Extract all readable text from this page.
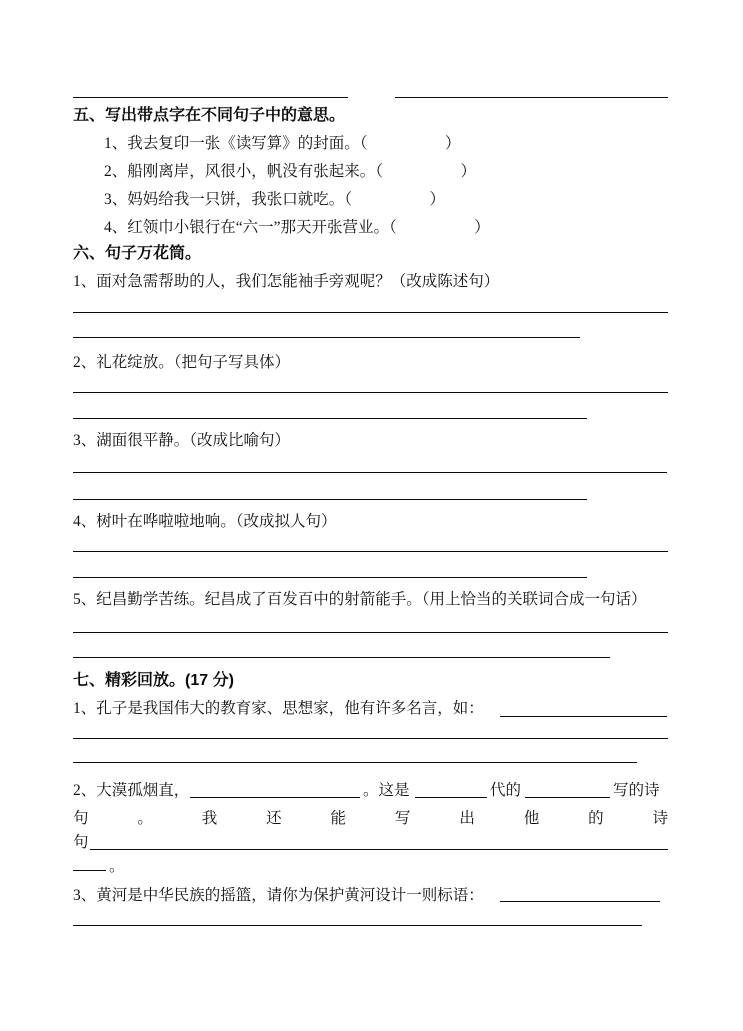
五、写出带点字在不同句子中的意思。
1、我去复印一张《读写算》的封面。（　　　　　）
2、船刚离岸，风很小，帆没有张起来。（　　　　　）
3、妈妈给我一只饼，我张口就吃。（　　　　　）
4、红领巾小银行在“六一”那天开张营业。（　　　　　）
六、句子万花筒。
1、面对急需帮助的人，我们怎能袖手旁观呢？（改成陈述句）
2、礼花绽放。（把句子写具体）
3、湖面很平静。（改成比喻句）
4、树叶在哗啦啦地响。（改成拟人句）
5、纪昌勤学苦练。纪昌成了百发百中的射箭能手。（用上恰当的关联词合成一句话）
七、精彩回放。(17 分)
1、孔子是我国伟大的教育家、思想家，他有许多名言，如：
2、大漠孤烟直，	。这是	代的	写的诗
句 。 我 还 能 写 出 他 的 诗
句
。
3、黄河是中华民族的摇篮，请你为保护黄河设计一则标语：
